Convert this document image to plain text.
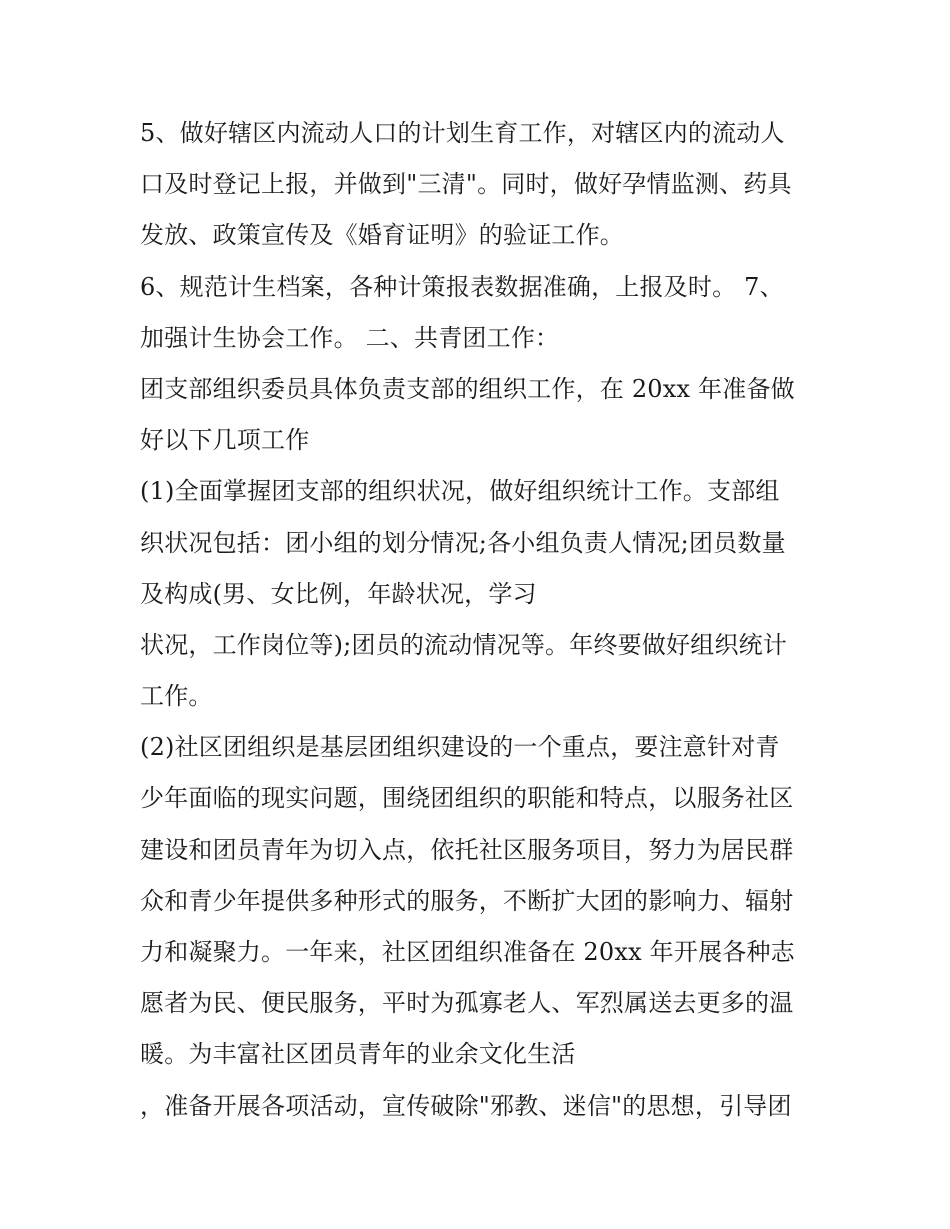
5、做好辖区内流动人口的计划生育工作，对辖区内的流动人
口及时登记上报，并做到"三清"。同时，做好孕情监测、药具
发放、政策宣传及《婚育证明》的验证工作。
6、规范计生档案，各种计策报表数据准确，上报及时。 7、
加强计生协会工作。 二、共青团工作：
团支部组织委员具体负责支部的组织工作，在 20xx 年准备做
好以下几项工作
(1)全面掌握团支部的组织状况，做好组织统计工作。支部组
织状况包括：团小组的划分情况;各小组负责人情况;团员数量
及构成(男、女比例，年龄状况，学习
状况，工作岗位等);团员的流动情况等。年终要做好组织统计
工作。
(2)社区团组织是基层团组织建设的一个重点，要注意针对青
少年面临的现实问题，围绕团组织的职能和特点，以服务社区
建设和团员青年为切入点，依托社区服务项目，努力为居民群
众和青少年提供多种形式的服务，不断扩大团的影响力、辐射
力和凝聚力。一年来，社区团组织准备在 20xx 年开展各种志
愿者为民、便民服务，平时为孤寡老人、军烈属送去更多的温
暖。为丰富社区团员青年的业余文化生活
，准备开展各项活动，宣传破除"邪教、迷信"的思想，引导团
